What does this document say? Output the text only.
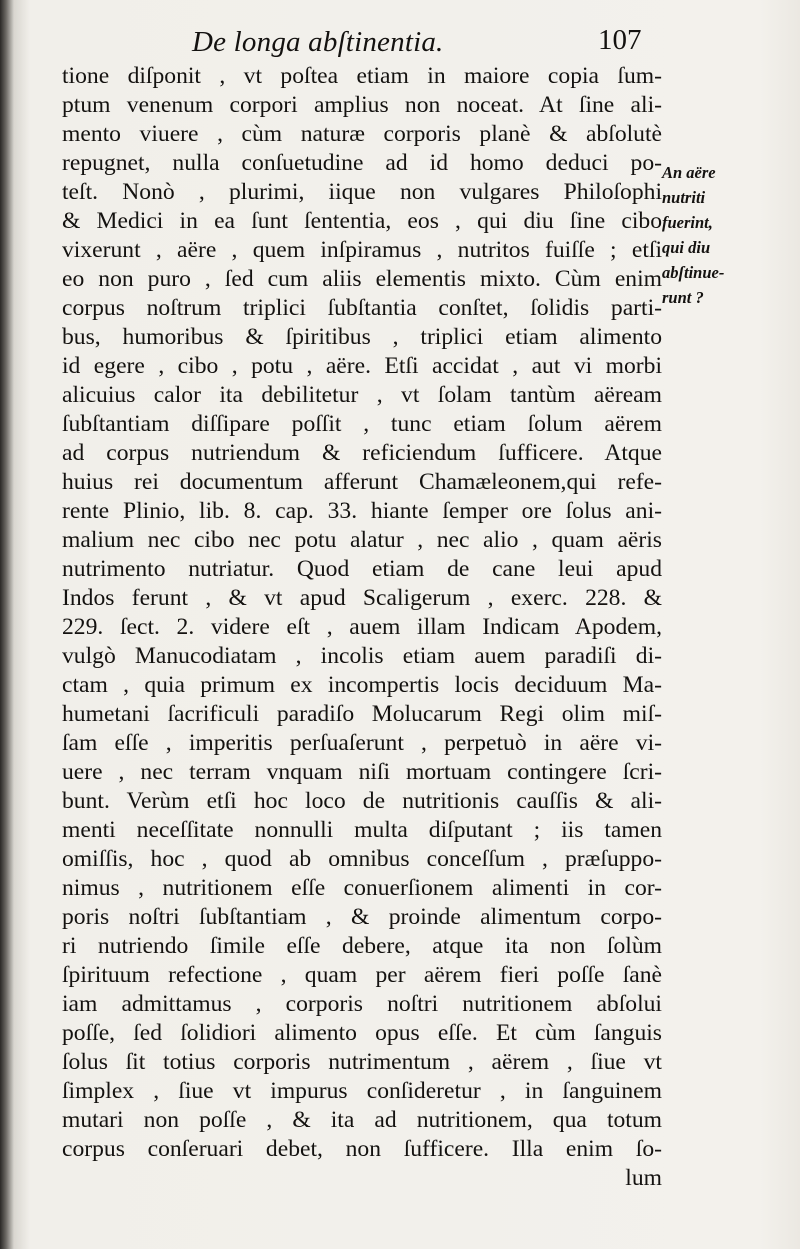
De longa abſtinentia.	107
tione diſponit , vt poſtea etiam in maiore copia ſum-
ptum venenum corpori amplius non noceat. At ſine ali-
mento viuere , cùm naturæ corporis planè & abſolutè
repugnet, nulla conſuetudine ad id homo deduci po-
teſt. Nonò , plurimi, iique non vulgares Philoſophi
& Medici in ea ſunt ſententia, eos , qui diu ſine cibo
vixerunt , aëre , quem inſpiramus , nutritos fuiſſe ; etſi
eo non puro , ſed cum aliis elementis mixto. Cùm enim
corpus noſtrum triplici ſubſtantia conſtet, ſolidis parti-
bus, humoribus & ſpiritibus , triplici etiam alimento
id egere , cibo , potu , aëre. Etſi accidat , aut vi morbi
alicuius calor ita debilitetur , vt ſolam tantùm aëream
ſubſtantiam diſſipare poſſit , tunc etiam ſolum aërem
ad corpus nutriendum & reficiendum ſufficere. Atque
huius rei documentum afferunt Chamæleonem,qui refe-
rente Plinio, lib. 8. cap. 33. hiante ſemper ore ſolus ani-
malium nec cibo nec potu alatur , nec alio , quam aëris
nutrimento nutriatur. Quod etiam de cane leui apud
Indos ferunt , & vt apud Scaligerum , exerc. 228. &
229. ſect. 2. videre eſt , auem illam Indicam Apodem,
vulgò Manucodiatam , incolis etiam auem paradiſi di-
ctam , quia primum ex incompertis locis deciduum Ma-
humetani ſacrificuli paradiſo Molucarum Regi olim miſ-
ſam eſſe , imperitis perſuaſerunt , perpetuò in aëre vi-
uere , nec terram vnquam niſi mortuam contingere ſcri-
bunt. Verùm etſi hoc loco de nutritionis cauſſis & ali-
menti neceſſitate nonnulli multa diſputant ; iis tamen
omiſſis, hoc , quod ab omnibus conceſſum , præſuppo-
nimus , nutritionem eſſe conuerſionem alimenti in cor-
poris noſtri ſubſtantiam , & proinde alimentum corpo-
ri nutriendo ſimile eſſe debere, atque ita non ſolùm
ſpirituum refectione , quam per aërem fieri poſſe ſanè
iam admittamus , corporis noſtri nutritionem abſolui
poſſe, ſed ſolidiori alimento opus eſſe. Et cùm ſanguis
ſolus ſit totius corporis nutrimentum , aërem , ſiue vt
ſimplex , ſiue vt impurus conſideretur , in ſanguinem
mutari non poſſe , & ita ad nutritionem, qua totum
corpus conſeruari debet, non ſufficere. Illa enim ſo-
lum
An aëre
nutriti
fuerint,
qui diu
abſtinue-
runt ?
